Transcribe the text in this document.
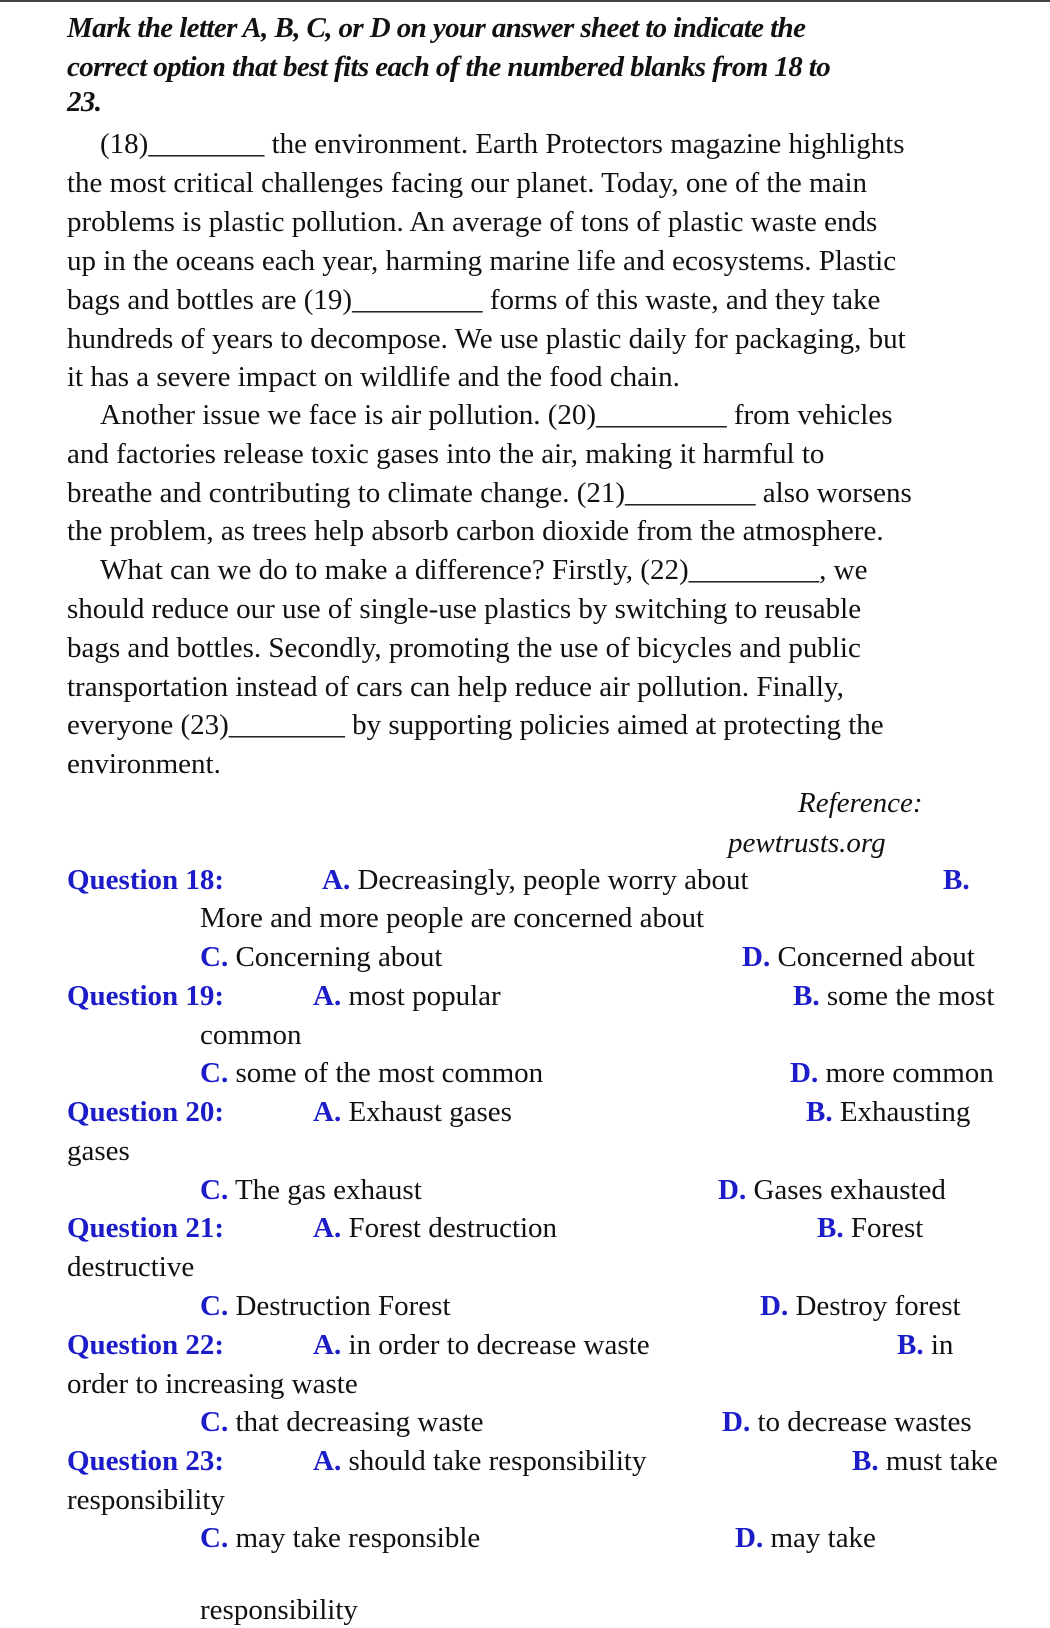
Mark the letter A, B, C, or D on your answer sheet to indicate the
correct option that best fits each of the numbered blanks from 18 to
23.
(18)________ the environment. Earth Protectors magazine highlights
the most critical challenges facing our planet. Today, one of the main
problems is plastic pollution. An average of tons of plastic waste ends
up in the oceans each year, harming marine life and ecosystems. Plastic
bags and bottles are (19)_________ forms of this waste, and they take
hundreds of years to decompose. We use plastic daily for packaging, but
it has a severe impact on wildlife and the food chain.
Another issue we face is air pollution. (20)_________ from vehicles
and factories release toxic gases into the air, making it harmful to
breathe and contributing to climate change. (21)_________ also worsens
the problem, as trees help absorb carbon dioxide from the atmosphere.
What can we do to make a difference? Firstly, (22)_________, we
should reduce our use of single-use plastics by switching to reusable
bags and bottles. Secondly, promoting the use of bicycles and public
transportation instead of cars can help reduce air pollution. Finally,
everyone (23)________ by supporting policies aimed at protecting the
environment.
Reference:
pewtrusts.org
Question 18:	A. Decreasingly, people worry about	B.
More and more people are concerned about
C. Concerning about	D. Concerned about
Question 19:	A. most popular	B. some the most
common
C. some of the most common	D. more common
Question 20:	A. Exhaust gases	B. Exhausting
gases
C. The gas exhaust	D. Gases exhausted
Question 21:	A. Forest destruction	B. Forest
destructive
C. Destruction Forest	D. Destroy forest
Question 22:	A. in order to decrease waste	B. in
order to increasing waste
C. that decreasing waste	D. to decrease wastes
Question 23:	A. should take responsibility	B. must take
responsibility
C. may take responsible	D. may take
responsibility
